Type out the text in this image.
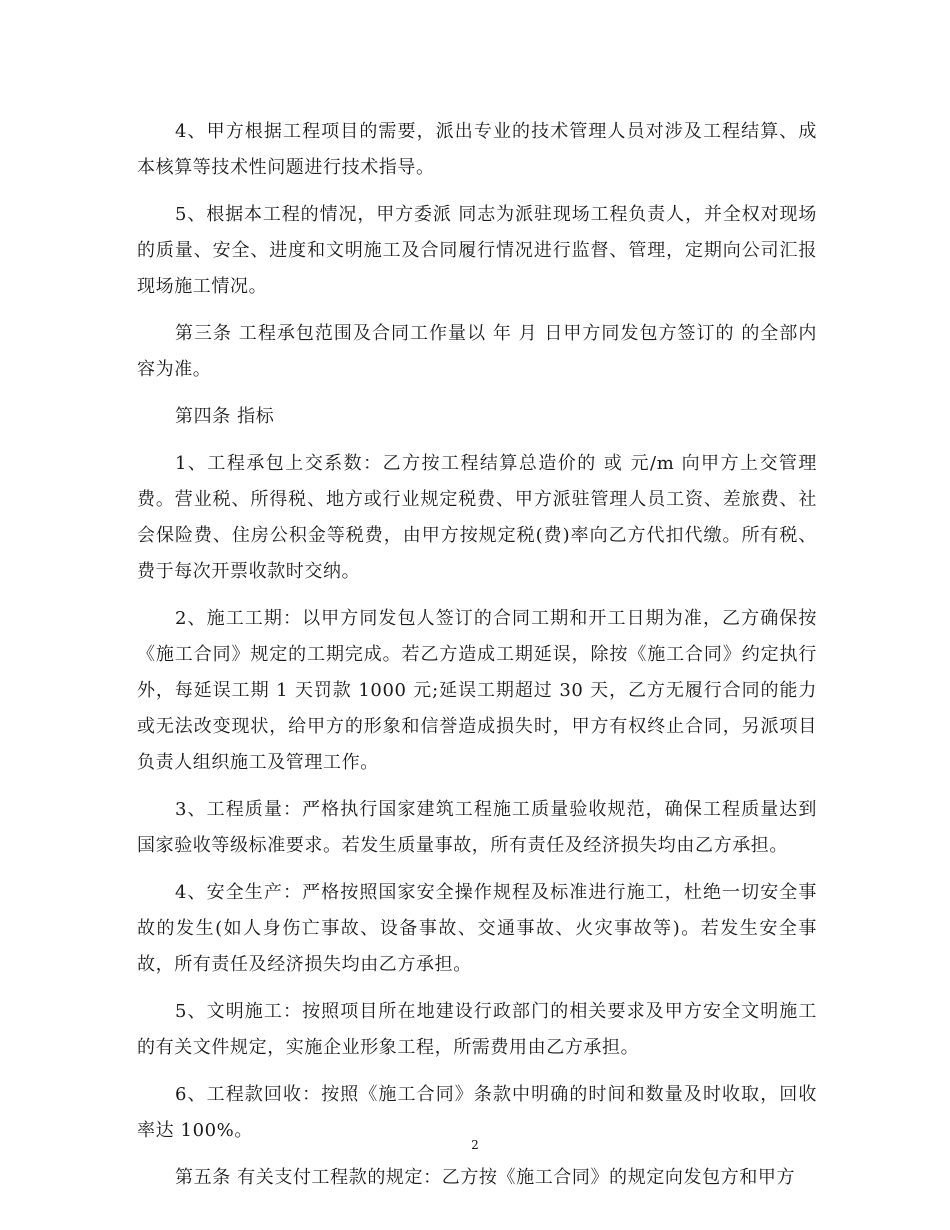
4、甲方根据工程项目的需要，派出专业的技术管理人员对涉及工程结算、成本核算等技术性问题进行技术指导。

5、根据本工程的情况，甲方委派 同志为派驻现场工程负责人，并全权对现场的质量、安全、进度和文明施工及合同履行情况进行监督、管理，定期向公司汇报现场施工情况。

第三条 工程承包范围及合同工作量以 年 月 日甲方同发包方签订的 的全部内容为准。

第四条 指标

1、工程承包上交系数：乙方按工程结算总造价的 或 元/m 向甲方上交管理费。营业税、所得税、地方或行业规定税费、甲方派驻管理人员工资、差旅费、社会保险费、住房公积金等税费，由甲方按规定税(费)率向乙方代扣代缴。所有税、费于每次开票收款时交纳。

2、施工工期：以甲方同发包人签订的合同工期和开工日期为准，乙方确保按《施工合同》规定的工期完成。若乙方造成工期延误，除按《施工合同》约定执行外，每延误工期 1 天罚款 1000 元;延误工期超过 30 天，乙方无履行合同的能力或无法改变现状，给甲方的形象和信誉造成损失时，甲方有权终止合同，另派项目负责人组织施工及管理工作。

3、工程质量：严格执行国家建筑工程施工质量验收规范，确保工程质量达到国家验收等级标准要求。若发生质量事故，所有责任及经济损失均由乙方承担。

4、安全生产：严格按照国家安全操作规程及标准进行施工，杜绝一切安全事故的发生(如人身伤亡事故、设备事故、交通事故、火灾事故等)。若发生安全事故，所有责任及经济损失均由乙方承担。

5、文明施工：按照项目所在地建设行政部门的相关要求及甲方安全文明施工的有关文件规定，实施企业形象工程，所需费用由乙方承担。

6、工程款回收：按照《施工合同》条款中明确的时间和数量及时收取，回收率达 100%。

第五条 有关支付工程款的规定：乙方按《施工合同》的规定向发包方和甲方

2
